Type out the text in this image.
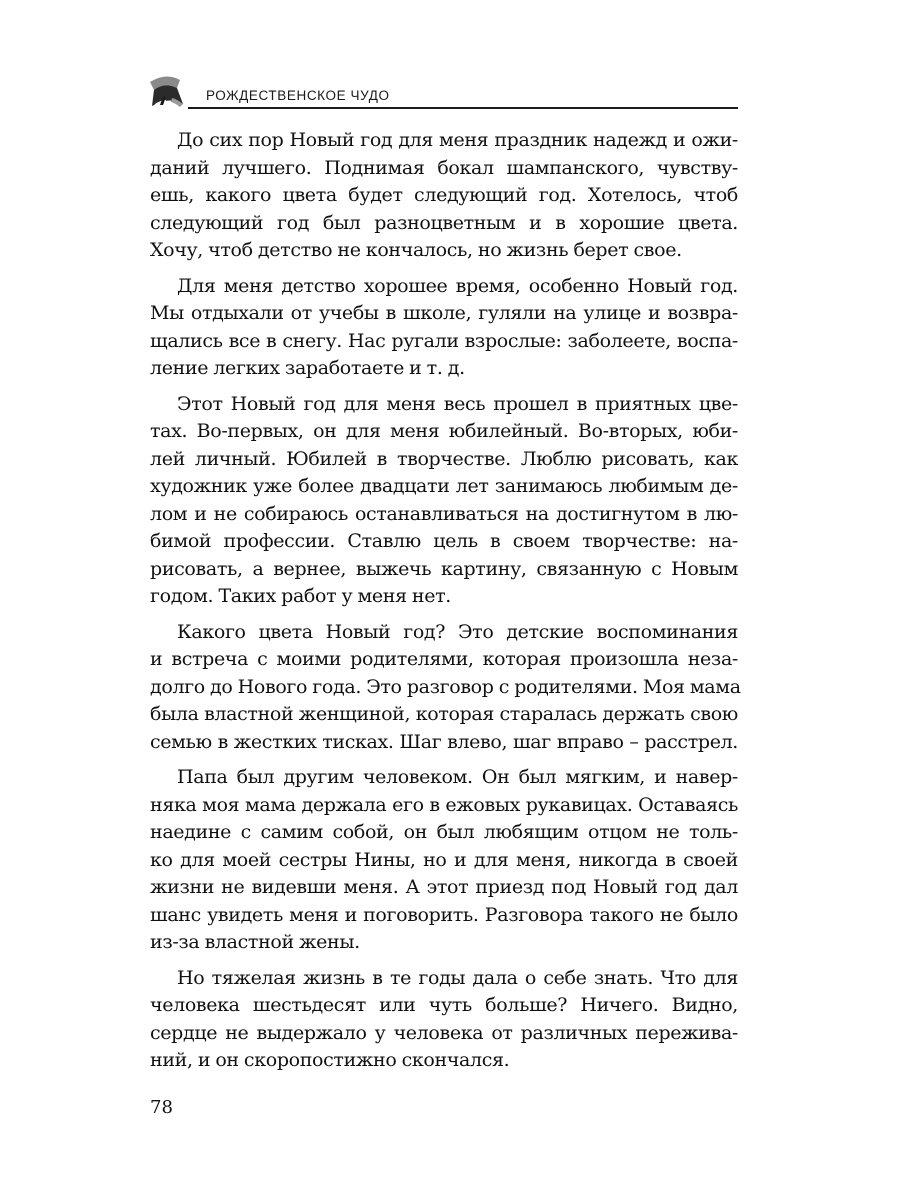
РОЖДЕСТВЕНСКОЕ ЧУДО
До сих пор Новый год для меня праздник надежд и ожи-
даний лучшего. Поднимая бокал шампанского, чувству-
ешь, какого цвета будет следующий год. Хотелось, чтоб
следующий год был разноцветным и в хорошие цвета.
Хочу, чтоб детство не кончалось, но жизнь берет свое.
Для меня детство хорошее время, особенно Новый год.
Мы отдыхали от учебы в школе, гуляли на улице и возвра-
щались все в снегу. Нас ругали взрослые: заболеете, воспа-
ление легких заработаете и т. д.
Этот Новый год для меня весь прошел в приятных цве-
тах. Во-первых, он для меня юбилейный. Во-вторых, юби-
лей личный. Юбилей в творчестве. Люблю рисовать, как
художник уже более двадцати лет занимаюсь любимым де-
лом и не собираюсь останавливаться на достигнутом в лю-
бимой профессии. Ставлю цель в своем творчестве: на-
рисовать, а вернее, выжечь картину, связанную с Новым
годом. Таких работ у меня нет.
Какого цвета Новый год? Это детские воспоминания
и встреча с моими родителями, которая произошла неза-
долго до Нового года. Это разговор с родителями. Моя мама
была властной женщиной, которая старалась держать свою
семью в жестких тисках. Шаг влево, шаг вправо – расстрел.
Папа был другим человеком. Он был мягким, и навер-
няка моя мама держала его в ежовых рукавицах. Оставаясь
наедине с самим собой, он был любящим отцом не толь-
ко для моей сестры Нины, но и для меня, никогда в своей
жизни не видевши меня. А этот приезд под Новый год дал
шанс увидеть меня и поговорить. Разговора такого не было
из-за властной жены.
Но тяжелая жизнь в те годы дала о себе знать. Что для
человека шестьдесят или чуть больше? Ничего. Видно,
сердце не выдержало у человека от различных пережива-
ний, и он скоропостижно скончался.
78
